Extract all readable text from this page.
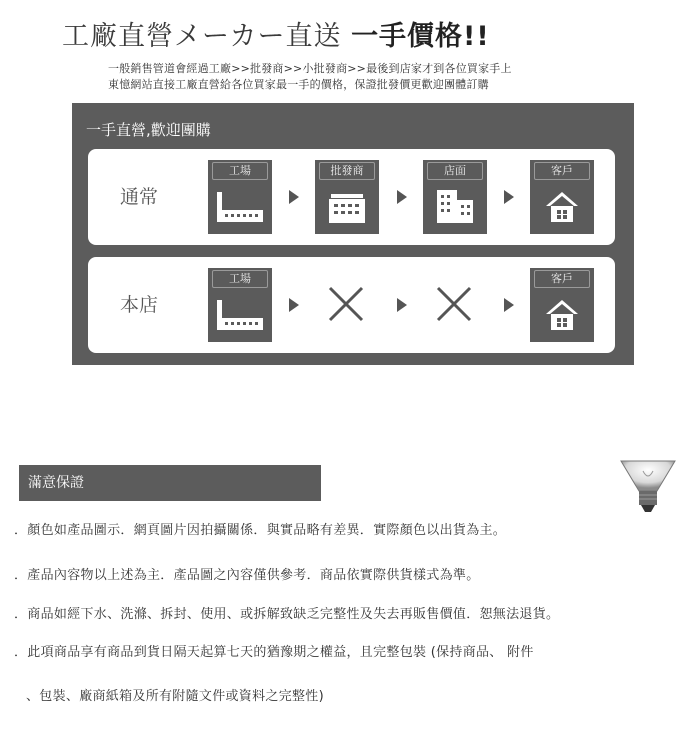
工廠直營メーカー直送 一手價格!!
一般銷售管道會經過工廠>>批發商>>小批發商>>最後到店家才到各位買家手上
東憶網站直接工廠直營給各位買家最一手的價格，保證批發價更歡迎團體訂購
一手直營,歡迎團購
通常
工場	批發商	店面	客戶
本店
工場	客戶
滿意保證
．顏色如產品圖示．網頁圖片因拍攝關係．與實品略有差異．實際顏色以出貨為主。
．產品內容物以上述為主．產品圖之內容僅供參考．商品依實際供貨樣式為準。
．商品如經下水、洗滌、拆封、使用、或拆解致缺乏完整性及失去再販售價值．恕無法退貨。
．此項商品享有商品到貨日隔天起算七天的猶豫期之權益，且完整包裝 (保持商品、 附件
、包裝、廠商紙箱及所有附隨文件或資料之完整性)
